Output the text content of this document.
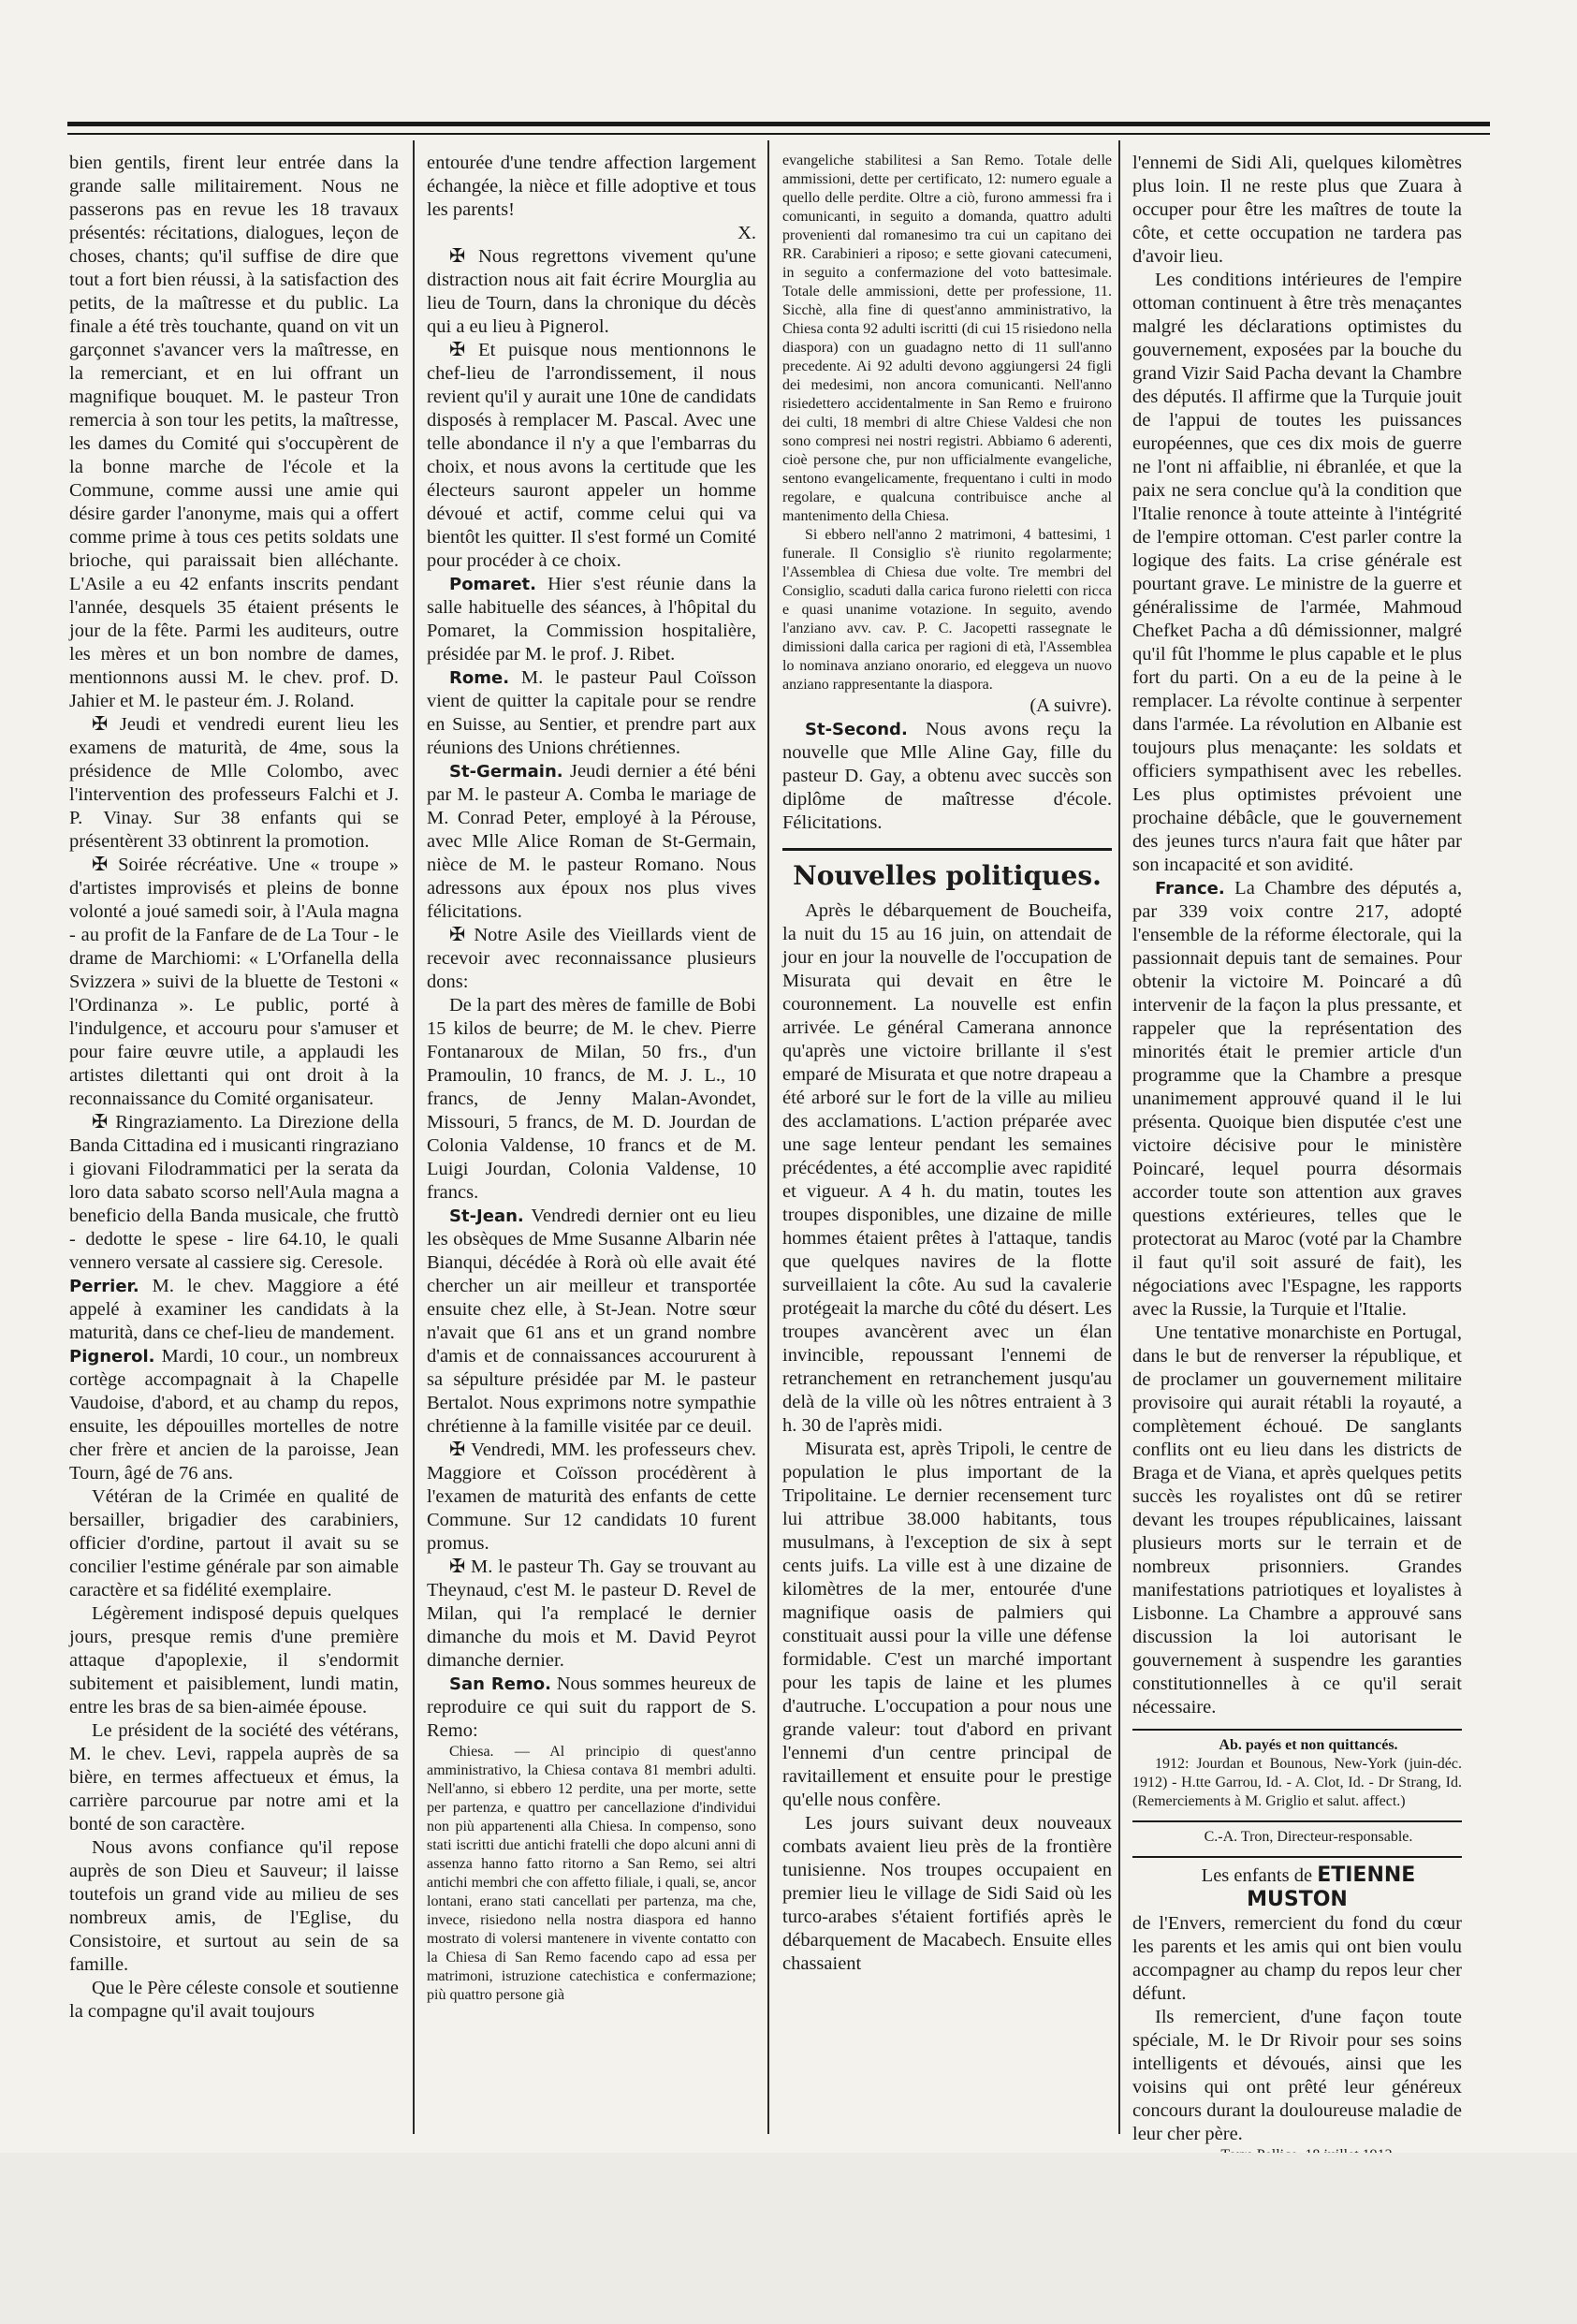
bien gentils, firent leur entrée dans la grande salle militairement. Nous ne passerons pas en revue les 18 travaux présentés: récitations, dialogues, leçon de choses, chants; qu'il suffise de dire que tout a fort bien réussi, à la satisfaction des petits, de la maîtresse et du public. La finale a été très touchante, quand on vit un garçonnet s'avancer vers la maîtresse, en la remerciant, et en lui offrant un magnifique bouquet. M. le pasteur Tron remercia à son tour les petits, la maîtresse, les dames du Comité qui s'occupèrent de la bonne marche de l'école et la Commune, comme aussi une amie qui désire garder l'anonyme, mais qui a offert comme prime à tous ces petits soldats une brioche, qui paraissait bien alléchante. L'Asile a eu 42 enfants inscrits pendant l'année, desquels 35 étaient présents le jour de la fête. Parmi les auditeurs, outre les mères et un bon nombre de dames, mentionnons aussi M. le chev. prof. D. Jahier et M. le pasteur ém. J. Roland.

✠ Jeudi et vendredi eurent lieu les examens de maturità, de 4me, sous la présidence de Mlle Colombo, avec l'intervention des professeurs Falchi et J. P. Vinay. Sur 38 enfants qui se présentèrent 33 obtinrent la promotion.

✠ Soirée récréative. Une « troupe » d'artistes improvisés et pleins de bonne volonté a joué samedi soir, à l'Aula magna - au profit de la Fanfare de de La Tour - le drame de Marchiomi: « L'Orfanella della Svizzera » suivi de la bluette de Testoni « l'Ordinanza ». Le public, porté à l'indulgence, et accouru pour s'amuser et pour faire œuvre utile, a applaudi les artistes dilettanti qui ont droit à la reconnaissance du Comité organisateur.

✠ Ringraziamento. La Direzione della Banda Cittadina ed i musicanti ringraziano i giovani Filodrammatici per la serata da loro data sabato scorso nell'Aula magna a beneficio della Banda musicale, che fruttò - dedotte le spese - lire 64.10, le quali vennero versate al cassiere sig. Ceresole.

Perrier. M. le chev. Maggiore a été appelé à examiner les candidats à la maturità, dans ce chef-lieu de mandement.

Pignerol. Mardi, 10 cour., un nombreux cortège accompagnait à la Chapelle Vaudoise, d'abord, et au champ du repos, ensuite, les dépouilles mortelles de notre cher frère et ancien de la paroisse, Jean Tourn, âgé de 76 ans.

Vétéran de la Crimée en qualité de bersailler, brigadier des carabiniers, officier d'ordine, partout il avait su se concilier l'estime générale par son aimable caractère et sa fidélité exemplaire.

Légèrement indisposé depuis quelques jours, presque remis d'une première attaque d'apoplexie, il s'endormit subitement et paisiblement, lundi matin, entre les bras de sa bien-aimée épouse.

Le président de la société des vétérans, M. le chev. Levi, rappela auprès de sa bière, en termes affectueux et émus, la carrière parcourue par notre ami et la bonté de son caractère.

Nous avons confiance qu'il repose auprès de son Dieu et Sauveur; il laisse toutefois un grand vide au milieu de ses nombreux amis, de l'Eglise, du Consistoire, et surtout au sein de sa famille.

Que le Père céleste console et soutienne la compagne qu'il avait toujours

entourée d'une tendre affection largement échangée, la nièce et fille adoptive et tous les parents!

X.

✠ Nous regrettons vivement qu'une distraction nous ait fait écrire Mourglia au lieu de Tourn, dans la chronique du décès qui a eu lieu à Pignerol.

✠ Et puisque nous mentionnons le chef-lieu de l'arrondissement, il nous revient qu'il y aurait une 10ne de candidats disposés à remplacer M. Pascal. Avec une telle abondance il n'y a que l'embarras du choix, et nous avons la certitude que les électeurs sauront appeler un homme dévoué et actif, comme celui qui va bientôt les quitter. Il s'est formé un Comité pour procéder à ce choix.

Pomaret. Hier s'est réunie dans la salle habituelle des séances, à l'hôpital du Pomaret, la Commission hospitalière, présidée par M. le prof. J. Ribet.

Rome. M. le pasteur Paul Coïsson vient de quitter la capitale pour se rendre en Suisse, au Sentier, et prendre part aux réunions des Unions chrétiennes.

St-Germain. Jeudi dernier a été béni par M. le pasteur A. Comba le mariage de M. Conrad Peter, employé à la Pérouse, avec Mlle Alice Roman de St-Germain, nièce de M. le pasteur Romano. Nous adressons aux époux nos plus vives félicitations.

✠ Notre Asile des Vieillards vient de recevoir avec reconnaissance plusieurs dons:

De la part des mères de famille de Bobi 15 kilos de beurre; de M. le chev. Pierre Fontanaroux de Milan, 50 frs., d'un Pramoulin, 10 francs, de M. J. L., 10 francs, de Jenny Malan-Avondet, Missouri, 5 francs, de M. D. Jourdan de Colonia Valdense, 10 francs et de M. Luigi Jourdan, Colonia Valdense, 10 francs.

St-Jean. Vendredi dernier ont eu lieu les obsèques de Mme Susanne Albarin née Bianqui, décédée à Rorà où elle avait été chercher un air meilleur et transportée ensuite chez elle, à St-Jean. Notre sœur n'avait que 61 ans et un grand nombre d'amis et de connaissances accoururent à sa sépulture présidée par M. le pasteur Bertalot. Nous exprimons notre sympathie chrétienne à la famille visitée par ce deuil.

✠ Vendredi, MM. les professeurs chev. Maggiore et Coïsson procédèrent à l'examen de maturità des enfants de cette Commune. Sur 12 candidats 10 furent promus.

✠ M. le pasteur Th. Gay se trouvant au Theynaud, c'est M. le pasteur D. Revel de Milan, qui l'a remplacé le dernier dimanche du mois et M. David Peyrot dimanche dernier.

San Remo. Nous sommes heureux de reproduire ce qui suit du rapport de S. Remo:

Chiesa. — Al principio di quest'anno amministrativo, la Chiesa contava 81 membri adulti. Nell'anno, si ebbero 12 perdite, una per morte, sette per partenza, e quattro per cancellazione d'individui non più appartenenti alla Chiesa. In compenso, sono stati iscritti due antichi fratelli che dopo alcuni anni di assenza hanno fatto ritorno a San Remo, sei altri antichi membri che con affetto filiale, i quali, se, ancor lontani, erano stati cancellati per partenza, ma che, invece, risiedono nella nostra diaspora ed hanno mostrato di volersi mantenere in vivente contatto con la Chiesa di San Remo facendo capo ad essa per matrimoni, istruzione catechistica e confermazione; più quattro persone già

evangeliche stabilitesi a San Remo. Totale delle ammissioni, dette per certificato, 12: numero eguale a quello delle perdite. Oltre a ciò, furono ammessi fra i comunicanti, in seguito a domanda, quattro adulti provenienti dal romanesimo tra cui un capitano dei RR. Carabinieri a riposo; e sette giovani catecumeni, in seguito a confermazione del voto battesimale. Totale delle ammissioni, dette per professione, 11. Sicchè, alla fine di quest'anno amministrativo, la Chiesa conta 92 adulti iscritti (di cui 15 risiedono nella diaspora) con un guadagno netto di 11 sull'anno precedente. Ai 92 adulti devono aggiungersi 24 figli dei medesimi, non ancora comunicanti. Nell'anno risiedettero accidentalmente in San Remo e fruirono dei culti, 18 membri di altre Chiese Valdesi che non sono compresi nei nostri registri. Abbiamo 6 aderenti, cioè persone che, pur non ufficialmente evangeliche, sentono evangelicamente, frequentano i culti in modo regolare, e qualcuna contribuisce anche al mantenimento della Chiesa.

Si ebbero nell'anno 2 matrimoni, 4 battesimi, 1 funerale. Il Consiglio s'è riunito regolarmente; l'Assemblea di Chiesa due volte. Tre membri del Consiglio, scaduti dalla carica furono rieletti con ricca e quasi unanime votazione. In seguito, avendo l'anziano avv. cav. P. C. Jacopetti rassegnate le dimissioni dalla carica per ragioni di età, l'Assemblea lo nominava anziano onorario, ed eleggeva un nuovo anziano rappresentante la diaspora.

(A suivre).

St-Second. Nous avons reçu la nouvelle que Mlle Aline Gay, fille du pasteur D. Gay, a obtenu avec succès son diplôme de maîtresse d'école. Félicitations.

Nouvelles politiques.

Après le débarquement de Boucheifa, la nuit du 15 au 16 juin, on attendait de jour en jour la nouvelle de l'occupation de Misurata qui devait en être le couronnement. La nouvelle est enfin arrivée. Le général Camerana annonce qu'après une victoire brillante il s'est emparé de Misurata et que notre drapeau a été arboré sur le fort de la ville au milieu des acclamations. L'action préparée avec une sage lenteur pendant les semaines précédentes, a été accomplie avec rapidité et vigueur. A 4 h. du matin, toutes les troupes disponibles, une dizaine de mille hommes étaient prêtes à l'attaque, tandis que quelques navires de la flotte surveillaient la côte. Au sud la cavalerie protégeait la marche du côté du désert. Les troupes avancèrent avec un élan invincible, repoussant l'ennemi de retranchement en retranchement jusqu'au delà de la ville où les nôtres entraient à 3 h. 30 de l'après midi.

Misurata est, après Tripoli, le centre de population le plus important de la Tripolitaine. Le dernier recensement turc lui attribue 38.000 habitants, tous musulmans, à l'exception de six à sept cents juifs. La ville est à une dizaine de kilomètres de la mer, entourée d'une magnifique oasis de palmiers qui constituait aussi pour la ville une défense formidable. C'est un marché important pour les tapis de laine et les plumes d'autruche. L'occupation a pour nous une grande valeur: tout d'abord en privant l'ennemi d'un centre principal de ravitaillement et ensuite pour le prestige qu'elle nous confère.

Les jours suivant deux nouveaux combats avaient lieu près de la frontière tunisienne. Nos troupes occupaient en premier lieu le village de Sidi Said où les turco-arabes s'étaient fortifiés après le débarquement de Macabech. Ensuite elles chassaient

l'ennemi de Sidi Ali, quelques kilomètres plus loin. Il ne reste plus que Zuara à occuper pour être les maîtres de toute la côte, et cette occupation ne tardera pas d'avoir lieu.

Les conditions intérieures de l'empire ottoman continuent à être très menaçantes malgré les déclarations optimistes du gouvernement, exposées par la bouche du grand Vizir Said Pacha devant la Chambre des députés. Il affirme que la Turquie jouit de l'appui de toutes les puissances européennes, que ces dix mois de guerre ne l'ont ni affaiblie, ni ébranlée, et que la paix ne sera conclue qu'à la condition que l'Italie renonce à toute atteinte à l'intégrité de l'empire ottoman. C'est parler contre la logique des faits. La crise générale est pourtant grave. Le ministre de la guerre et généralissime de l'armée, Mahmoud Chefket Pacha a dû démissionner, malgré qu'il fût l'homme le plus capable et le plus fort du parti. On a eu de la peine à le remplacer. La révolte continue à serpenter dans l'armée. La révolution en Albanie est toujours plus menaçante: les soldats et officiers sympathisent avec les rebelles. Les plus optimistes prévoient une prochaine débâcle, que le gouvernement des jeunes turcs n'aura fait que hâter par son incapacité et son avidité.

France. La Chambre des députés a, par 339 voix contre 217, adopté l'ensemble de la réforme électorale, qui la passionnait depuis tant de semaines. Pour obtenir la victoire M. Poincaré a dû intervenir de la façon la plus pressante, et rappeler que la représentation des minorités était le premier article d'un programme que la Chambre a presque unanimement approuvé quand il le lui présenta. Quoique bien disputée c'est une victoire décisive pour le ministère Poincaré, lequel pourra désormais accorder toute son attention aux graves questions extérieures, telles que le protectorat au Maroc (voté par la Chambre il faut qu'il soit assuré de fait), les négociations avec l'Espagne, les rapports avec la Russie, la Turquie et l'Italie.

Une tentative monarchiste en Portugal, dans le but de renverser la république, et de proclamer un gouvernement militaire provisoire qui aurait rétabli la royauté, a complètement échoué. De sanglants conflits ont eu lieu dans les districts de Braga et de Viana, et après quelques petits succès les royalistes ont dû se retirer devant les troupes républicaines, laissant plusieurs morts sur le terrain et de nombreux prisonniers. Grandes manifestations patriotiques et loyalistes à Lisbonne. La Chambre a approuvé sans discussion la loi autorisant le gouvernement à suspendre les garanties constitutionnelles à ce qu'il serait nécessaire.

Ab. payés et non quittancés.

1912: Jourdan et Bounous, New-York (juin-déc. 1912) - H.tte Garrou, Id. - A. Clot, Id. - Dr Strang, Id. (Remerciements à M. Griglio et salut. affect.)

C.-A. Tron, Directeur-responsable.

Les enfants de ETIENNE MUSTON

de l'Envers, remercient du fond du cœur les parents et les amis qui ont bien voulu accompagner au champ du repos leur cher défunt.

Ils remercient, d'une façon toute spéciale, M. le Dr Rivoir pour ses soins intelligents et dévoués, ainsi que les voisins qui ont prêté leur généreux concours durant la douloureuse maladie de leur cher père.
